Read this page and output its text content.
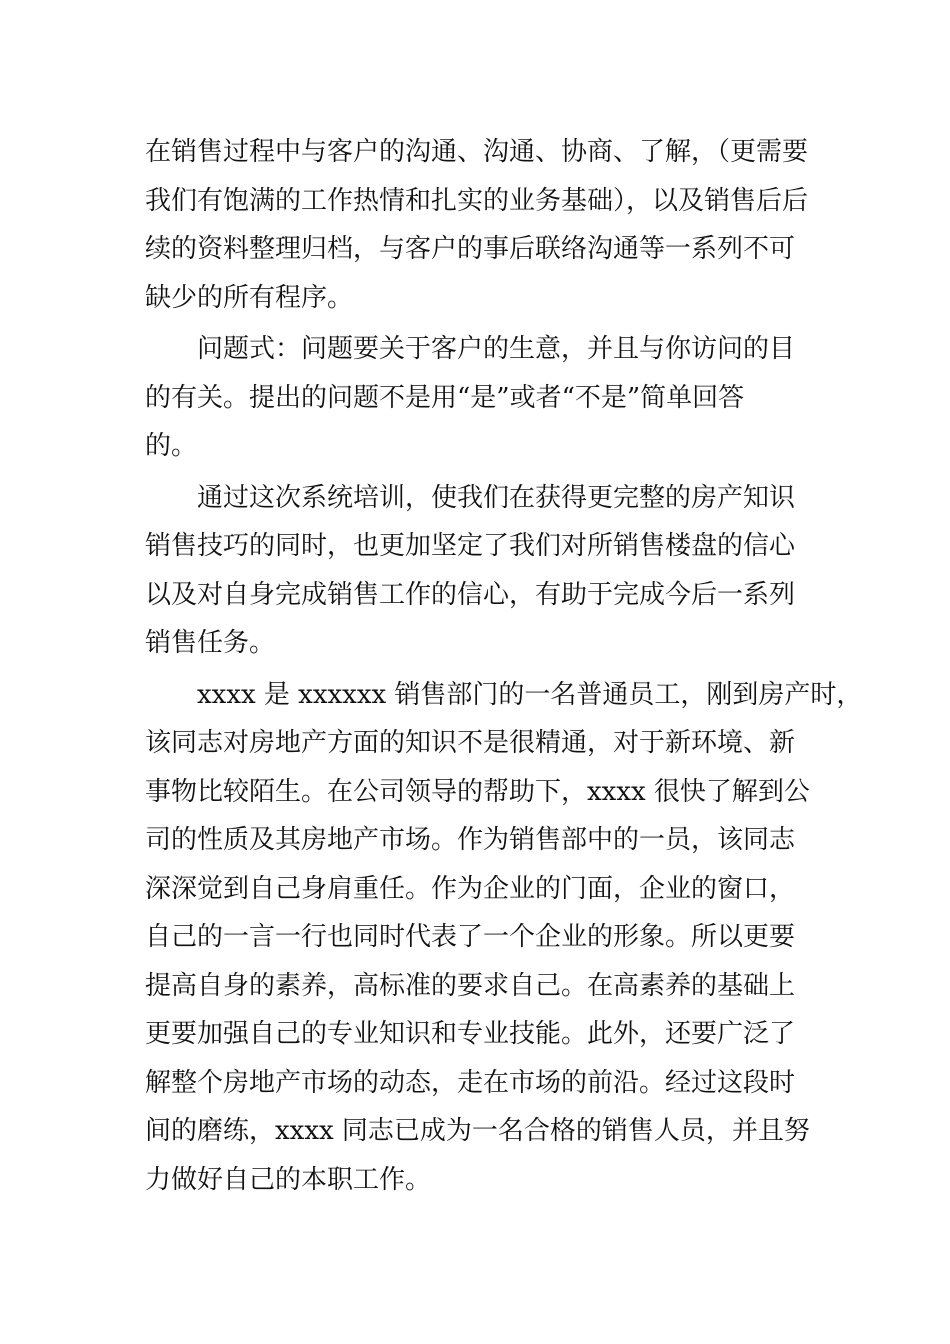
在销售过程中与客户的沟通、沟通、协商、了解，（更需要
我们有饱满的工作热情和扎实的业务基础），以及销售后后
续的资料整理归档，与客户的事后联络沟通等一系列不可
缺少的所有程序。
问题式：问题要关于客户的生意，并且与你访问的目
的有关。提出的问题不是用“是”或者“不是”简单回答
的。
通过这次系统培训，使我们在获得更完整的房产知识
销售技巧的同时，也更加坚定了我们对所销售楼盘的信心
以及对自身完成销售工作的信心，有助于完成今后一系列
销售任务。
xxxx 是 xxxxxx 销售部门的一名普通员工，刚到房产时，
该同志对房地产方面的知识不是很精通，对于新环境、新
事物比较陌生。在公司领导的帮助下，xxxx 很快了解到公
司的性质及其房地产市场。作为销售部中的一员，该同志
深深觉到自己身肩重任。作为企业的门面，企业的窗口，
自己的一言一行也同时代表了一个企业的形象。所以更要
提高自身的素养，高标准的要求自己。在高素养的基础上
更要加强自己的专业知识和专业技能。此外，还要广泛了
解整个房地产市场的动态，走在市场的前沿。经过这段时
间的磨练，xxxx 同志已成为一名合格的销售人员，并且努
力做好自己的本职工作。
